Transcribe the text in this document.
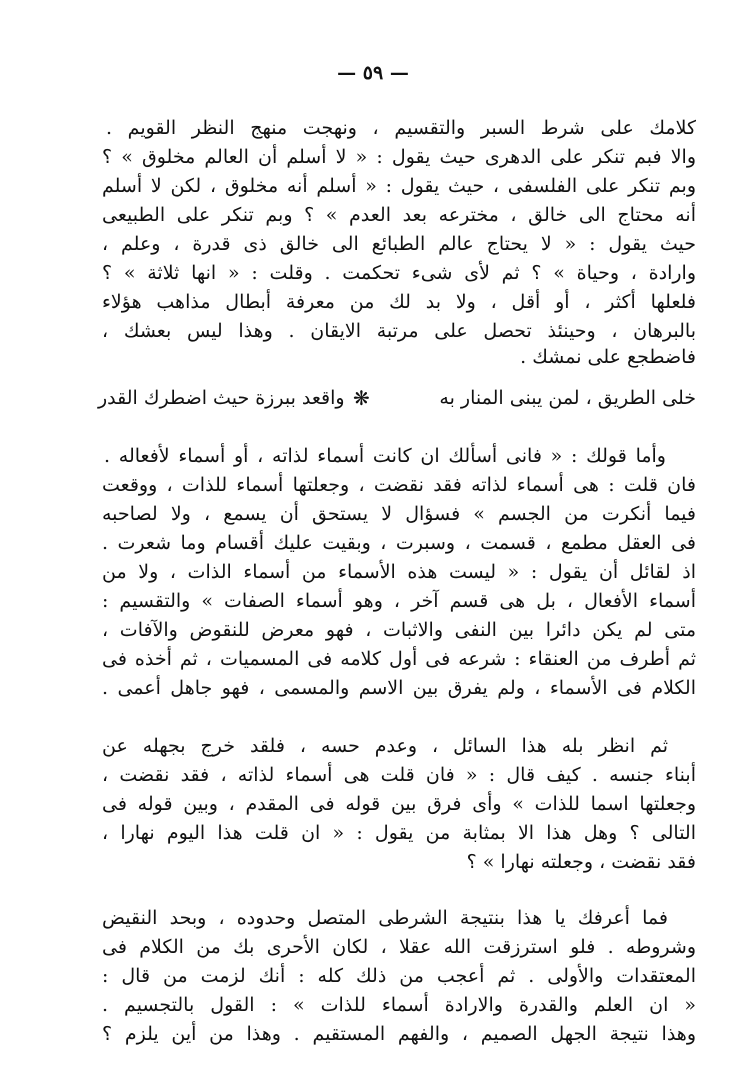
— ٥٩ —
كلامك على شرط السبر والتقسيم ، ونهجت منهج النظر القويم .
والا فبم تنكر على الدهرى حيث يقول : « لا أسلم أن العالم مخلوق » ؟
وبم تنكر على الفلسفى ، حيث يقول : « أسلم أنه مخلوق ، لكن لا أسلم
أنه محتاج الى خالق ، مخترعه بعد العدم » ؟ وبم تنكر على الطبيعى
حيث يقول : « لا يحتاج عالم الطبائع الى خالق ذى قدرة ، وعلم ،
وارادة ، وحياة » ؟ ثم لأى شىء تحكمت . وقلت : « انها ثلاثة » ؟
فلعلها أكثر ، أو أقل ، ولا بد لك من معرفة أبطال مذاهب هؤلاء
بالبرهان ، وحينئذ تحصل على مرتبة الايقان . وهذا ليس بعشك ،
فاضطجع على نمشك .
خلى الطريق ، لمن يبنى المنار به
❋
واقعد ببرزة حيث اضطرك القدر
وأما قولك : « فانى أسألك ان كانت أسماء لذاته ، أو أسماء لأفعاله .
فان قلت : هى أسماء لذاته فقد نقضت ، وجعلتها أسماء للذات ، ووقعت
فيما أنكرت من الجسم » فسؤال لا يستحق أن يسمع ، ولا لصاحبه
فى العقل مطمع ، قسمت ، وسبرت ، وبقيت عليك أقسام وما شعرت .
اذ لقائل أن يقول : « ليست هذه الأسماء من أسماء الذات ، ولا من
أسماء الأفعال ، بل هى قسم آخر ، وهو أسماء الصفات » والتقسيم :
متى لم يكن دائرا بين النفى والاثبات ، فهو معرض للنقوض والآفات ،
ثم أطرف من العنقاء : شرعه فى أول كلامه فى المسميات ، ثم أخذه فى
الكلام فى الأسماء ، ولم يفرق بين الاسم والمسمى ، فهو جاهل أعمى .
ثم انظر بله هذا السائل ، وعدم حسه ، فلقد خرج بجهله عن
أبناء جنسه . كيف قال : « فان قلت هى أسماء لذاته ، فقد نقضت ،
وجعلتها اسما للذات » وأى فرق بين قوله فى المقدم ، وبين قوله فى
التالى ؟ وهل هذا الا بمثابة من يقول : « ان قلت هذا اليوم نهارا ،
فقد نقضت ، وجعلته نهارا » ؟
فما أعرفك يا هذا بنتيجة الشرطى المتصل وحدوده ، وبحد النقيض
وشروطه . فلو استرزقت الله عقلا ، لكان الأحرى بك من الكلام فى
المعتقدات والأولى . ثم أعجب من ذلك كله : أنك لزمت من قال :
« ان العلم والقدرة والارادة أسماء للذات » : القول بالتجسيم .
وهذا نتيجة الجهل الصميم ، والفهم المستقيم . وهذا من أين يلزم ؟
